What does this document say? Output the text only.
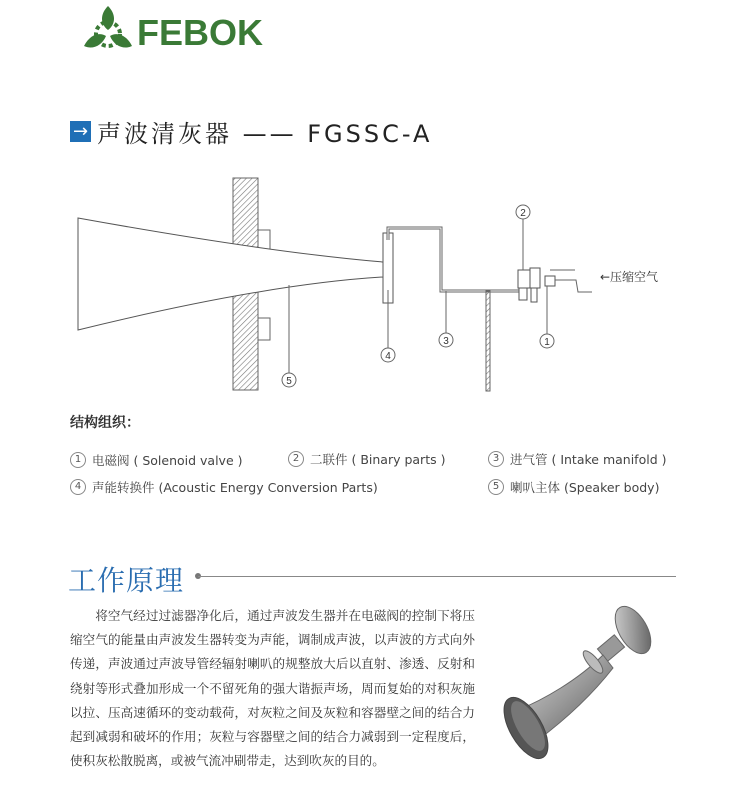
FEBOK
→ 声波清灰器 —— FGSSC-A
2
3	1
4
5
←压缩空气
结构组织：
1 电磁阀 ( Solenoid valve )	2 二联件 ( Binary parts )	3 进气管 ( Intake manifold )
4 声能转换件 (Acoustic Energy Conversion Parts)	5 喇叭主体 (Speaker body)
工作原理
将空气经过过滤器净化后，通过声波发生器并在电磁阀的控制下将压缩空气的能量由声波发生器转变为声能，调制成声波，以声波的方式向外传递，声波通过声波导管经辐射喇叭的规整放大后以直射、渗透、反射和绕射等形式叠加形成一个不留死角的强大谐振声场，周而复始的对积灰施以拉、压高速循环的变动载荷，对灰粒之间及灰粒和容器壁之间的结合力起到减弱和破坏的作用；灰粒与容器壁之间的结合力减弱到一定程度后，使积灰松散脱离，或被气流冲刷带走，达到吹灰的目的。
